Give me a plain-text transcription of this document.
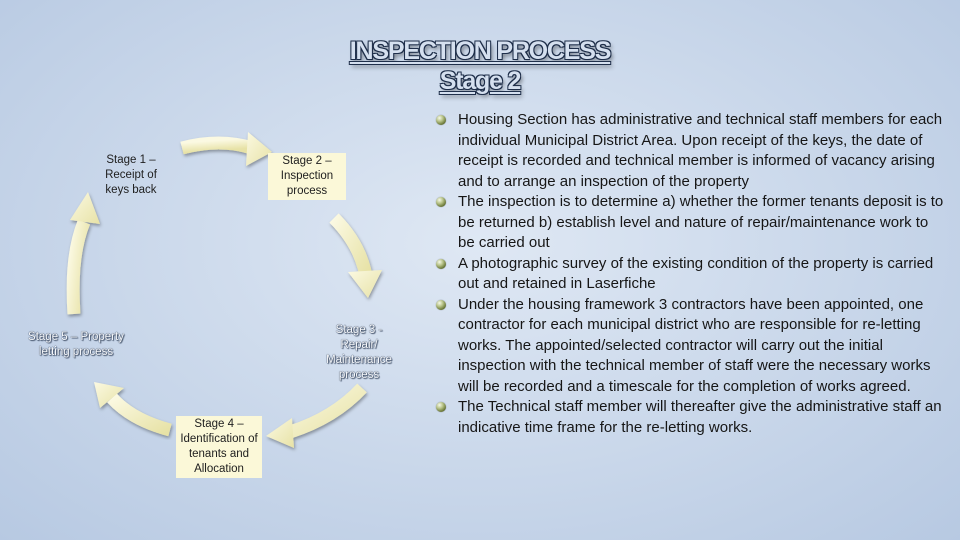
INSPECTION PROCESS
Stage 2
Stage 1 – Receipt of keys back
Stage 2 – Inspection process
Stage 3 - Repair/ Maintenance process
Stage 4 – Identification of tenants and Allocation
Stage 5 – Property letting process
Housing Section has administrative and technical staff members for each individual Municipal District Area. Upon receipt of the keys, the date of receipt is recorded and technical member is informed of vacancy arising and to arrange an inspection of the property
The inspection is to determine a) whether the former tenants deposit is to be returned b) establish level and nature of repair/maintenance work to be carried out
A photographic survey of the existing condition of the property is carried out and retained in Laserfiche
Under the housing framework 3 contractors have been appointed, one contractor for each municipal district who are responsible for re-letting works. The appointed/selected contractor will carry out the initial inspection with the technical member of staff were the necessary works will be recorded and a timescale for the completion of works agreed.
The Technical staff member will thereafter give the administrative staff an indicative time frame for the re-letting works.
